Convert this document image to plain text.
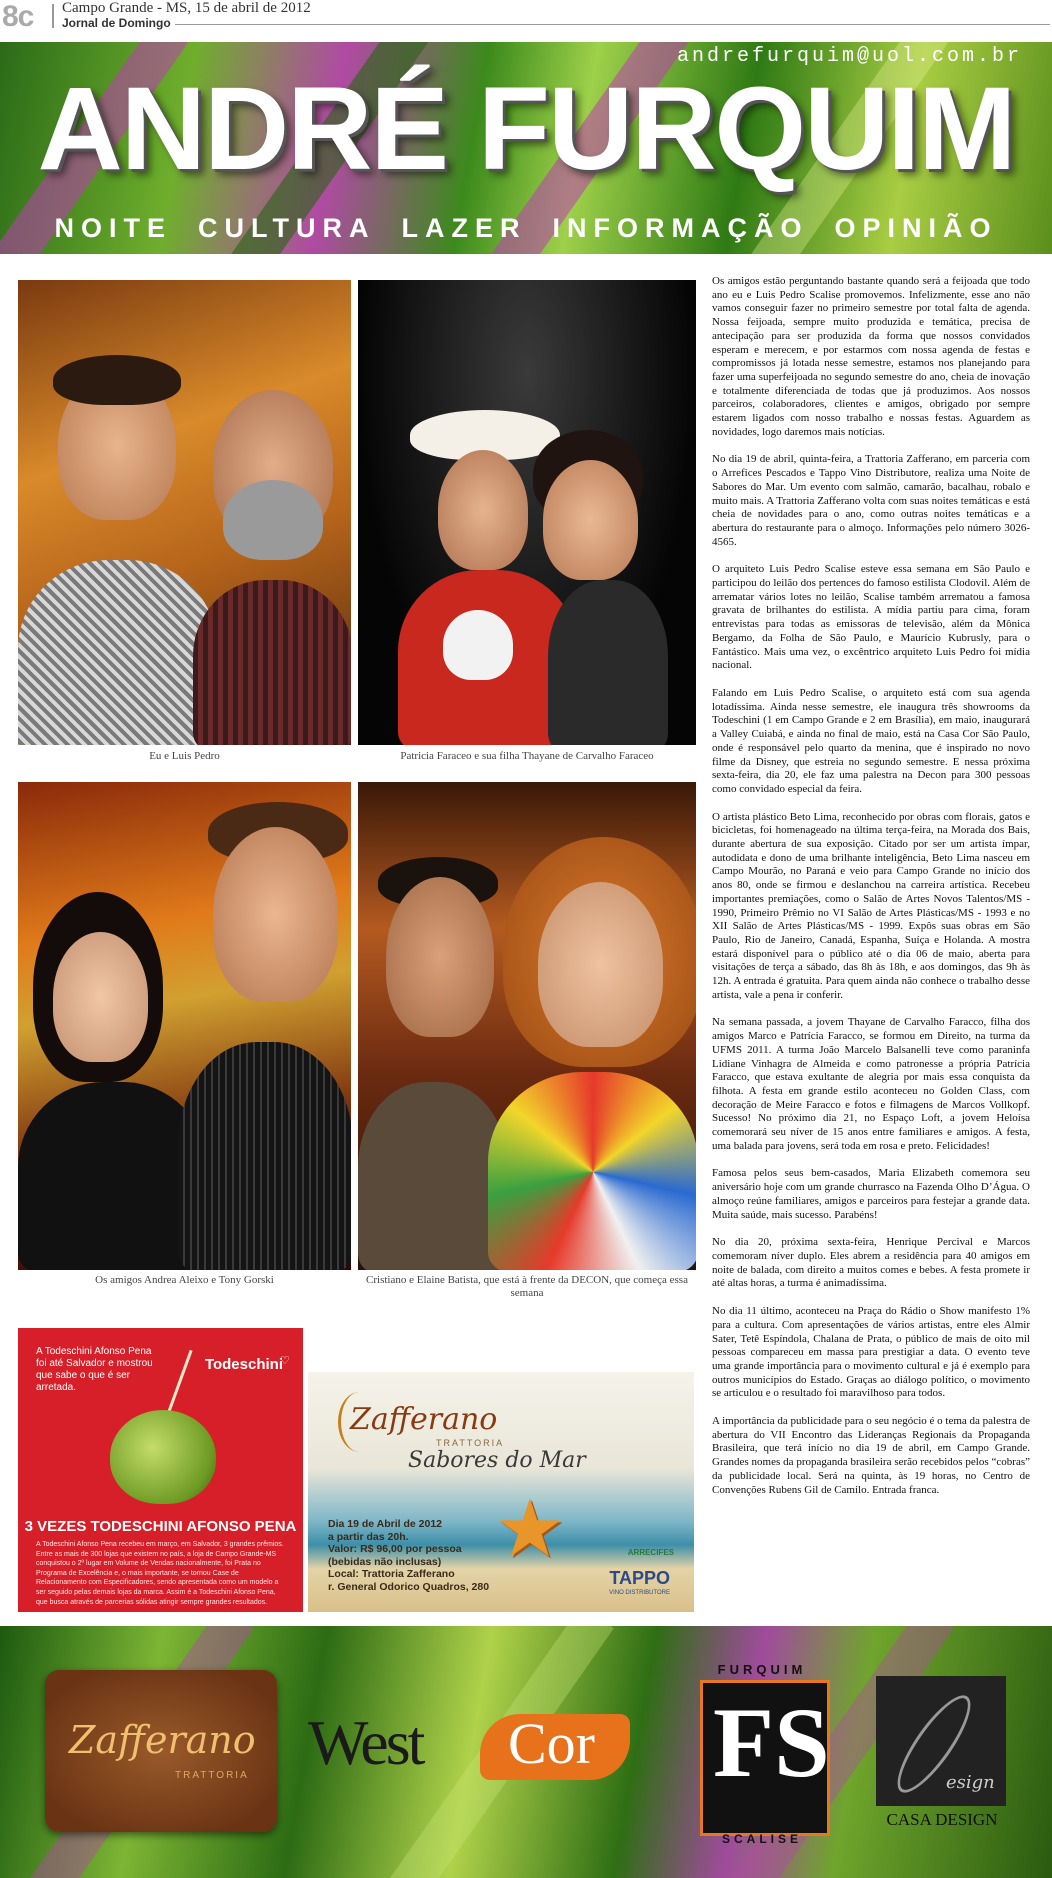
8c Campo Grande - MS, 15 de abril de 2012
Jornal de Domingo
andrefurquim@uol.com.br
ANDRÉ FURQUIM
NOITE CULTURA LAZER INFORMAÇÃO OPINIÃO
Eu e Luis Pedro	Patricia Faraceo e sua filha Thayane de Carvalho Faraceo
Os amigos Andrea Aleixo e Tony Gorski	Cristiano e Elaine Batista, que está à frente da DECON, que começa essa semana

Os amigos estão perguntando bastante quando será a feijoada que todo ano eu e Luis Pedro Scalise promovemos. Infelizmente, esse ano não vamos conseguir fazer no primeiro semestre por total falta de agenda. Nossa feijoada, sempre muito produzida e temática, precisa de antecipação para ser produzida da forma que nossos convidados esperam e merecem, e por estarmos com nossa agenda de festas e compromissos já lotada nesse semestre, estamos nos planejando para fazer uma superfeijoada no segundo semestre do ano, cheia de inovação e totalmente diferenciada de todas que já produzimos. Aos nossos parceiros, colaboradores, clientes e amigos, obrigado por sempre estarem ligados com nosso trabalho e nossas festas. Aguardem as novidades, logo daremos mais notícias.

No dia 19 de abril, quinta-feira, a Trattoria Zafferano, em parceria com o Arrefices Pescados e Tappo Vino Distributore, realiza uma Noite de Sabores do Mar. Um evento com salmão, camarão, bacalhau, robalo e muito mais. A Trattoria Zafferano volta com suas noites temáticas e está cheia de novidades para o ano, como outras noites temáticas e a abertura do restaurante para o almoço. Informações pelo número 3026-4565.

O arquiteto Luis Pedro Scalise esteve essa semana em São Paulo e participou do leilão dos pertences do famoso estilista Clodovil. Além de arrematar vários lotes no leilão, Scalise também arrematou a famosa gravata de brilhantes do estilista. A mídia partiu para cima, foram entrevistas para todas as emissoras de televisão, além da Mônica Bergamo, da Folha de São Paulo, e Maurício Kubrusly, para o Fantástico. Mais uma vez, o excêntrico arquiteto Luis Pedro foi mídia nacional.

Falando em Luis Pedro Scalise, o arquiteto está com sua agenda lotadíssima. Ainda nesse semestre, ele inaugura três showrooms da Todeschini (1 em Campo Grande e 2 em Brasília), em maio, inaugurará a Valley Cuiabá, e ainda no final de maio, está na Casa Cor São Paulo, onde é responsável pelo quarto da menina, que é inspirado no novo filme da Disney, que estreia no segundo semestre. E nessa próxima sexta-feira, dia 20, ele faz uma palestra na Decon para 300 pessoas como convidado especial da feira.

O artista plástico Beto Lima, reconhecido por obras com florais, gatos e bicicletas, foi homenageado na última terça-feira, na Morada dos Bais, durante abertura de sua exposição. Citado por ser um artista ímpar, autodidata e dono de uma brilhante inteligência, Beto Lima nasceu em Campo Mourão, no Paraná e veio para Campo Grande no início dos anos 80, onde se firmou e deslanchou na carreira artística. Recebeu importantes premiações, como o Salão de Artes Novos Talentos/MS - 1990, Primeiro Prêmio no VI Salão de Artes Plásticas/MS - 1993 e no XII Salão de Artes Plásticas/MS - 1999. Expôs suas obras em São Paulo, Rio de Janeiro, Canadá, Espanha, Suíça e Holanda. A mostra estará disponível para o público até o dia 06 de maio, aberta para visitações de terça a sábado, das 8h às 18h, e aos domingos, das 9h às 12h. A entrada é gratuita. Para quem ainda não conhece o trabalho desse artista, vale a pena ir conferir.

Na semana passada, a jovem Thayane de Carvalho Faracco, filha dos amigos Marco e Patrícia Faracco, se formou em Direito, na turma da UFMS 2011. A turma João Marcelo Balsanelli teve como paraninfa Lidiane Vinhagra de Almeida e como patronesse a própria Patrícia Faracco, que estava exultante de alegria por mais essa conquista da filhota. A festa em grande estilo aconteceu no Golden Class, com decoração de Meire Faracco e fotos e filmagens de Marcos Vollkopf. Sucesso! No próximo dia 21, no Espaço Loft, a jovem Heloísa comemorará seu níver de 15 anos entre familiares e amigos. A festa, uma balada para jovens, será toda em rosa e preto. Felicidades!

Famosa pelos seus bem-casados, Maria Elizabeth comemora seu aniversário hoje com um grande churrasco na Fazenda Olho D’Água. O almoço reúne familiares, amigos e parceiros para festejar a grande data. Muita saúde, mais sucesso. Parabéns!

No dia 20, próxima sexta-feira, Henrique Percival e Marcos comemoram níver duplo. Eles abrem a residência para 40 amigos em noite de balada, com direito a muitos comes e bebes. A festa promete ir até altas horas, a turma é animadíssima.

No dia 11 último, aconteceu na Praça do Rádio o Show manifesto 1% para a cultura. Com apresentações de vários artistas, entre eles Almir Sater, Tetê Espíndola, Chalana de Prata, o público de mais de oito mil pessoas compareceu em massa para prestigiar a data. O evento teve uma grande importância para o movimento cultural e já é exemplo para outros municípios do Estado. Graças ao diálogo político, o movimento se articulou e o resultado foi maravilhoso para todos.

A importância da publicidade para o seu negócio é o tema da palestra de abertura do VII Encontro das Lideranças Regionais da Propaganda Brasileira, que terá início no dia 19 de abril, em Campo Grande. Grandes nomes da propaganda brasileira serão recebidos pelos “cobras” da publicidade local. Será na quinta, às 19 horas, no Centro de Convenções Rubens Gil de Camilo. Entrada franca.

A Todeschini Afonso Pena foi até Salvador e mostrou que sabe o que é ser arretada.
Todeschini
♡
3 VEZES TODESCHINI AFONSO PENA
A Todeschini Afonso Pena recebeu em março, em Salvador, 3 grandes prêmios. Entre as mais de 300 lojas que existem no país, a loja de Campo Grande-MS conquistou o 2º lugar em Volume de Vendas nacionalmente, foi Prata no Programa de Excelência e, o mais importante, se tornou Case de Relacionamento com Especificadores, sendo apresentada como um modelo a ser seguido pelas demais lojas da marca. Assim é a Todeschini Afonso Pena, que busca através de parcerias sólidas atingir sempre grandes resultados.
Zafferano
TRATTORIA
Sabores do Mar
Dia 19 de Abril de 2012
a partir das 20h.
Valor: R$ 96,00 por pessoa
(bebidas não inclusas)
Local: Trattoria Zafferano
r. General Odorico Quadros, 280
★	ARRECIFES
TAPPO
VINO DISTRIBUTORE
Zafferano
TRATTORIA West Cor
FURQUIM
FS
SCALISE
esign
CASA DESIGN
